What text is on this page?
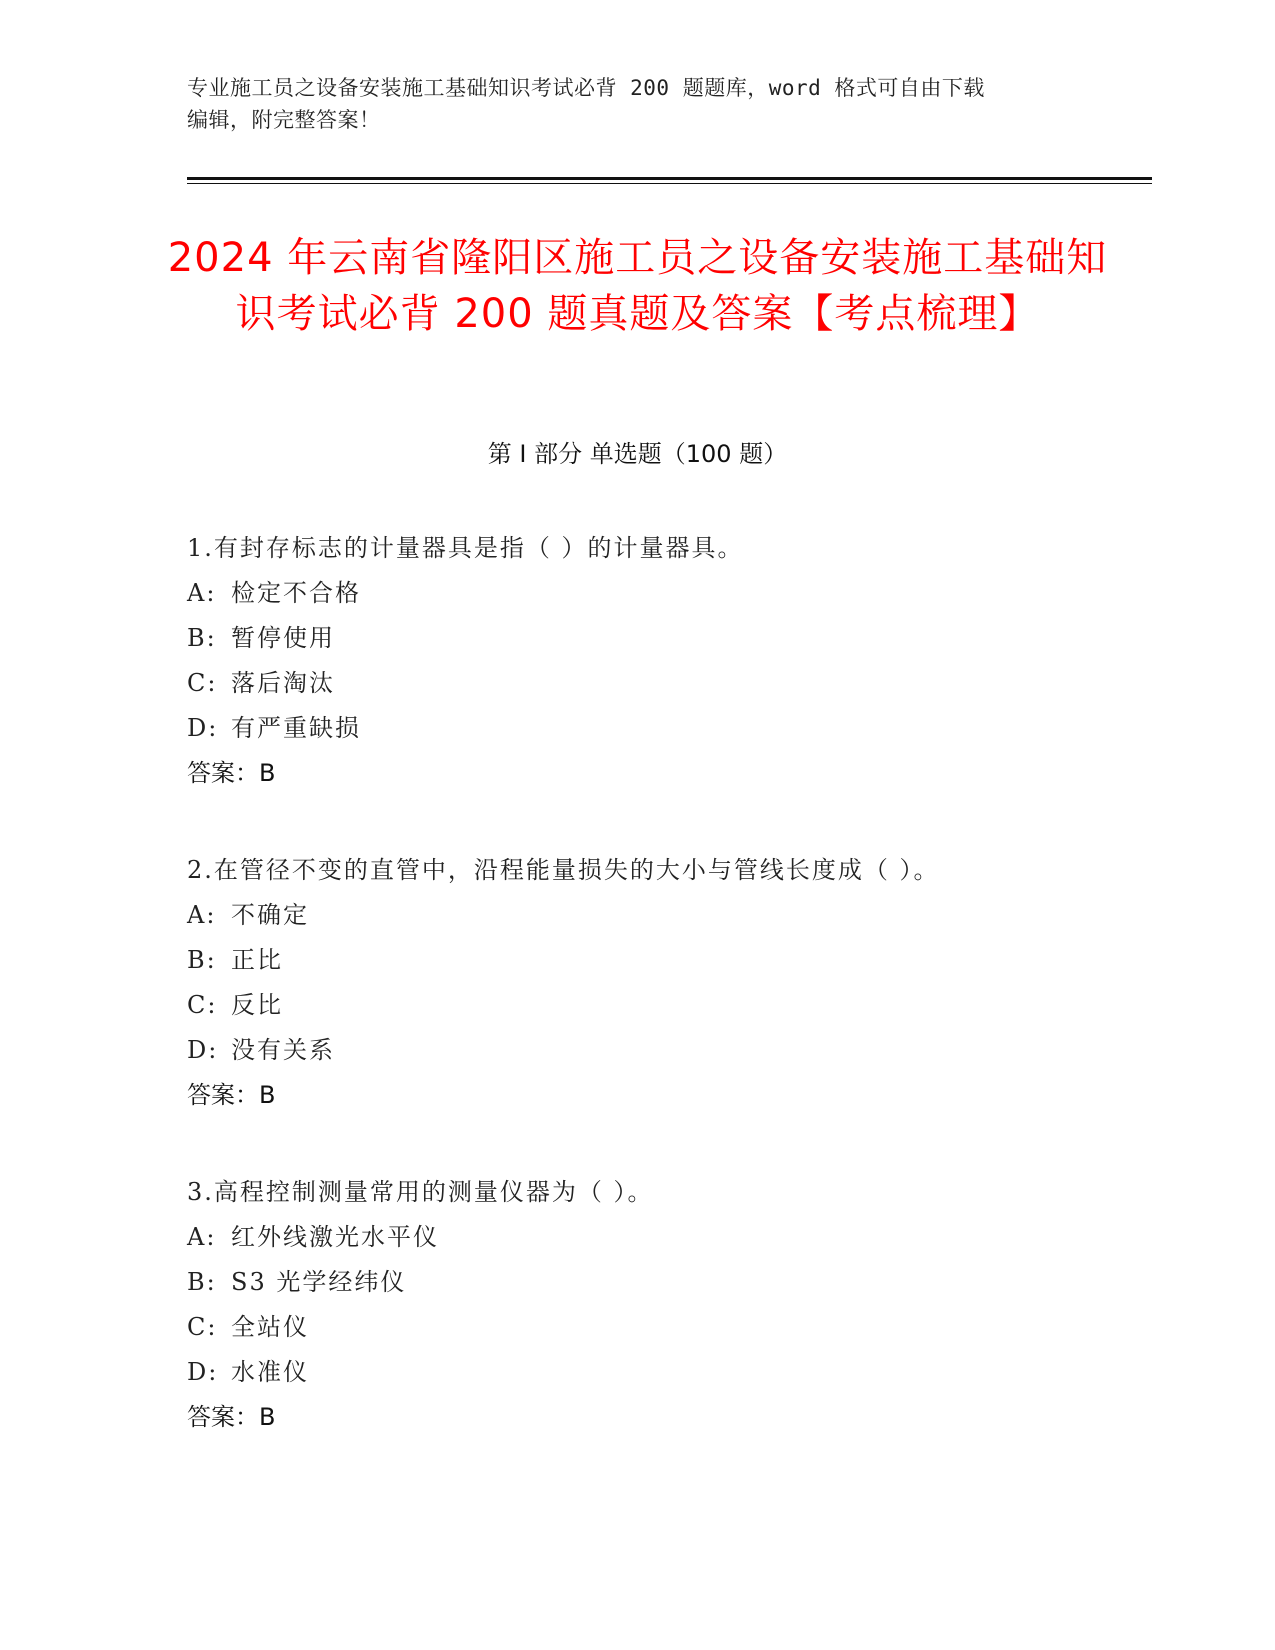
专业施工员之设备安装施工基础知识考试必背 200 题题库，word 格式可自由下载
编辑，附完整答案！
2024 年云南省隆阳区施工员之设备安装施工基础知识考试必背 200 题真题及答案【考点梳理】
第 I 部分 单选题（100 题）
1.有封存标志的计量器具是指（ ）的计量器具。
A: 检定不合格
B: 暂停使用
C: 落后淘汰
D: 有严重缺损
答案：B
2.在管径不变的直管中，沿程能量损失的大小与管线长度成（ ）。
A: 不确定
B: 正比
C: 反比
D: 没有关系
答案：B
3.高程控制测量常用的测量仪器为（ ）。
A: 红外线激光水平仪
B: S3 光学经纬仪
C: 全站仪
D: 水准仪
答案：B
